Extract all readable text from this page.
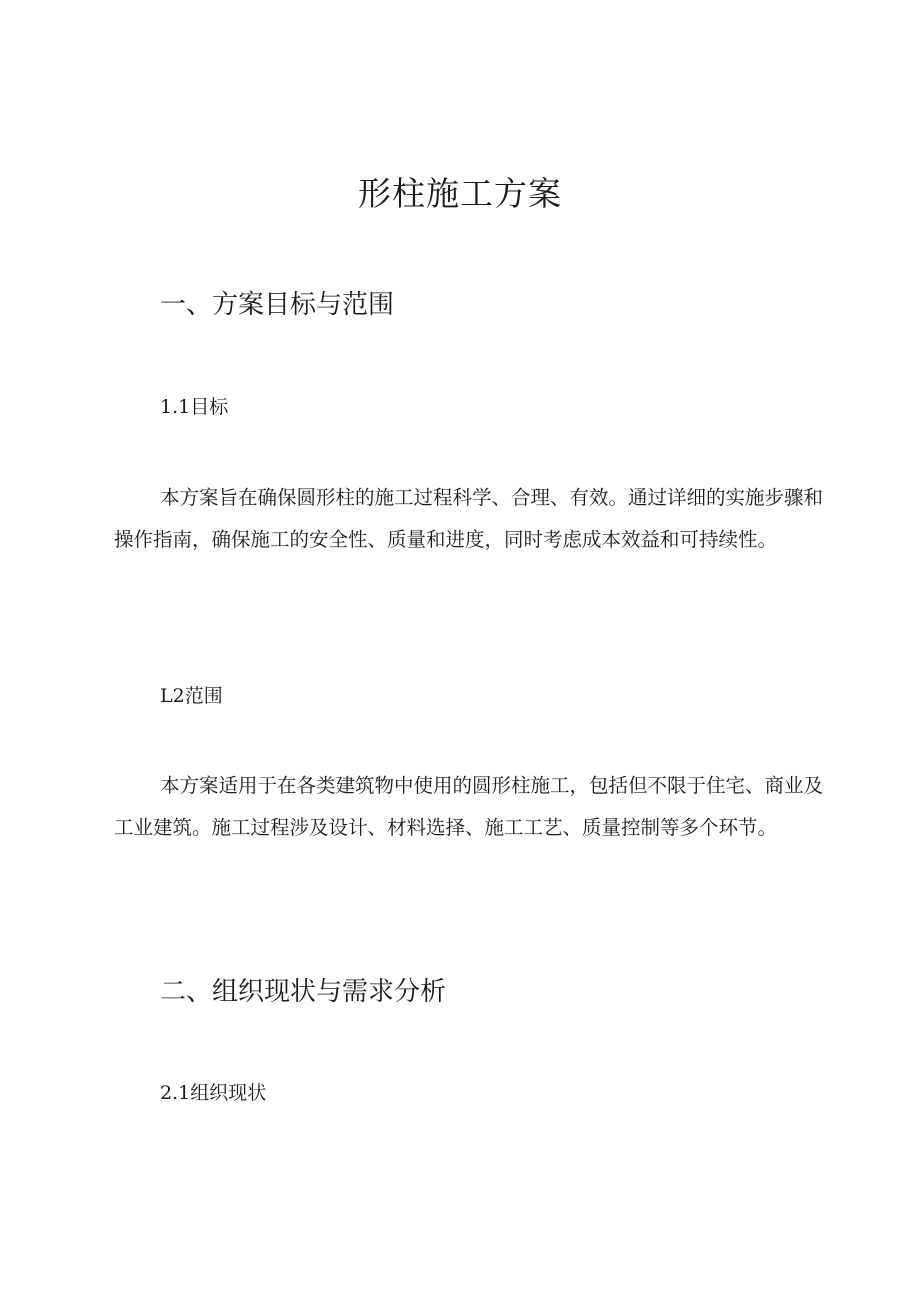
形柱施工方案
一、方案目标与范围
1.1目标

本方案旨在确保圆形柱的施工过程科学、合理、有效。通过详细的实施步骤和操作指南，确保施工的安全性、质量和进度，同时考虑成本效益和可持续性。

L2范围

本方案适用于在各类建筑物中使用的圆形柱施工，包括但不限于住宅、商业及工业建筑。施工过程涉及设计、材料选择、施工工艺、质量控制等多个环节。

二、组织现状与需求分析
2.1组织现状
